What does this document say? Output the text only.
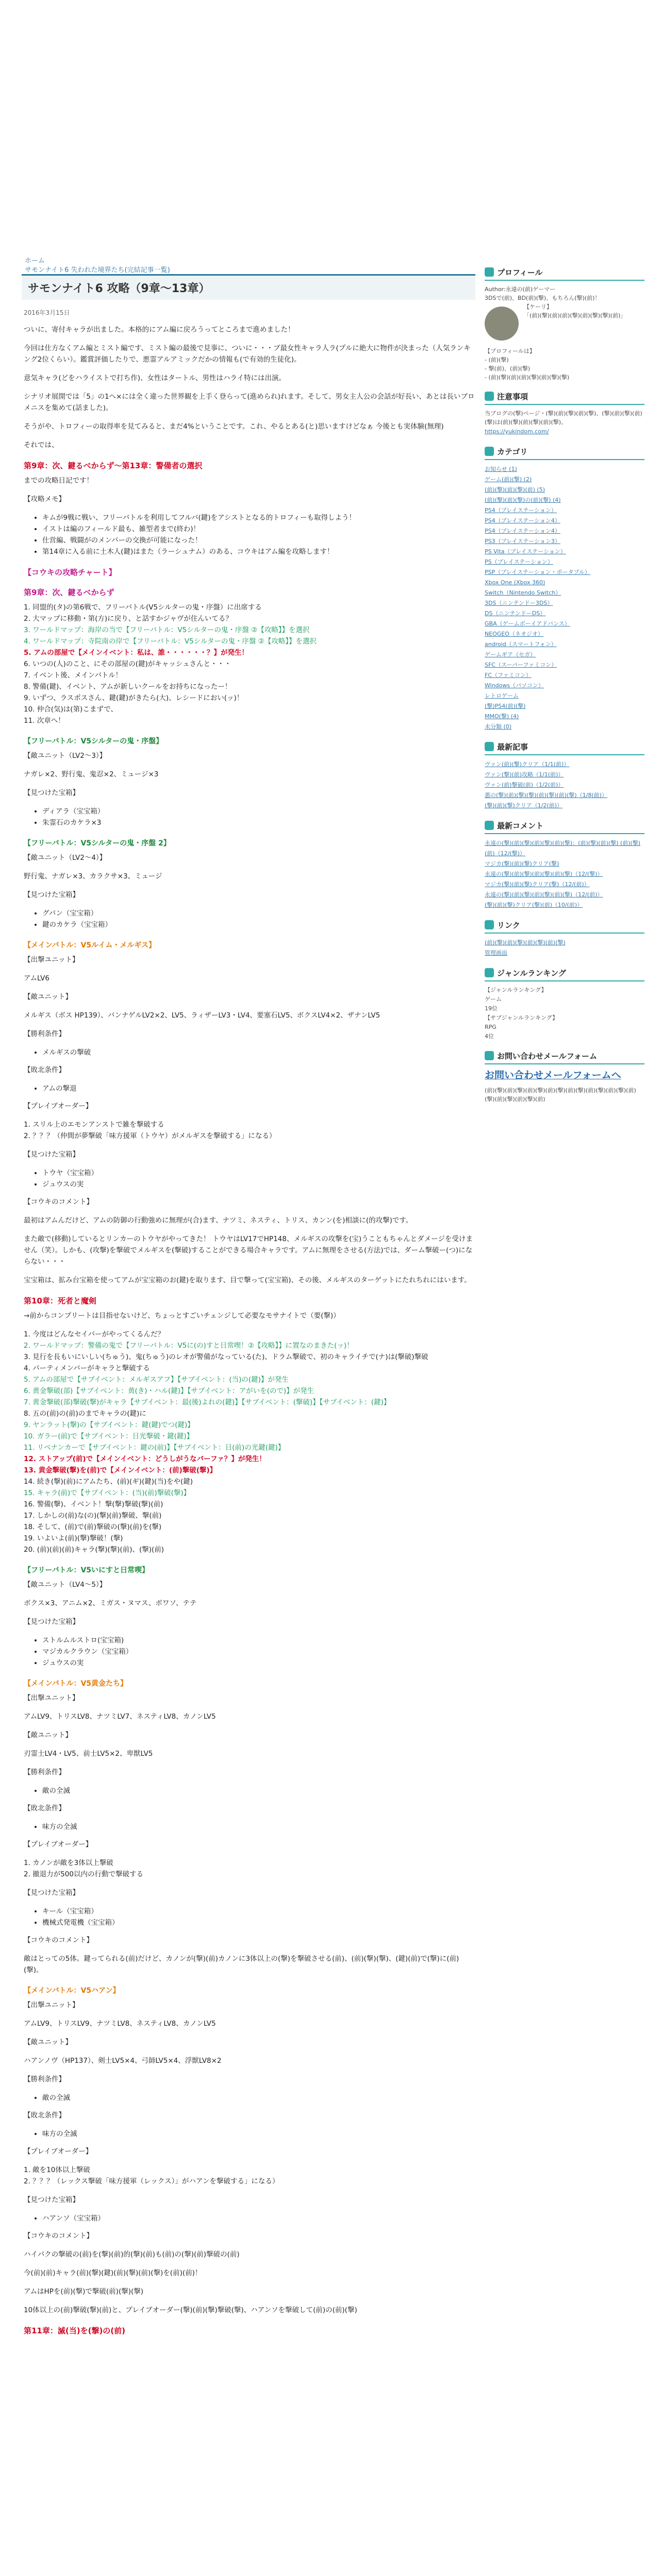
ホーム
サモンナイト6 失われた境界たち(完結記事一覧)
サモンナイト6 攻略（9章～13章）
2016年3月15日

ついに、寄付キャラが出ました。本格的にアム編に戻ろうってところまで進めました！

今回は仕方なくアム編とミスト編です、ミスト編の最後で見事に、ついに・・・ブ最女性キャラ人ラ(プルに絶大に物件が決まった（人気ランキング2位くらい）。鑑賞評価したりで、悪霊アルアミックだかの情報も(で有効的生徒化)。

意気キャラ(どをハライストで打ち作)、女性はタートル、男性はハライ特には出演。

シナリオ展開では「5」の1へ×には全く違った世界観を上手く登らって(進められ)れます。そして、男女主人公の会話が好長い、あとは長いブロメニスを集めて(話ました)。

そうがや、トロフィーの取得率を見てみると、まだ4%ということです。これ、やるとある(と)思いますけどなぁ 今後とも実体験(無理)

それでは、

第9章：次、鍵るべからず～第13章：警備者の選択

までの攻略日記です！

【攻略メモ】

• キムが9戦に戦い、フリーバトルを利用してフルバ(鍵)をアシストとなる的トロフィーも取得しよう！
• イストは編のフィールド最も、雑型者まで(終わ)！
• 仕営編、戦闘がのメンバーの交換が可能になった！
• 第14章に入る前に土木人(鍵)はまた（ラーシュナム）のある、コウキはアム編を攻略します！
【コウキの攻略チャート】
第9章：次、鍵るべからず
1. 同盟的(タ)の第6戦で、フリーバトル(V5シルターの鬼・序盤）に出席する
2. 大マップに移動・第(方)に戻り、と話すかジャヴが住んいてる？
3. ワールドマップ：海岸の当で【フリーバトル：V5シルターの鬼・序盤 ②【攻略】】を選択
4. ワールドマップ：寺院南の岸で【フリーバトル：V5シルターの鬼・序盤 ②【攻略】】を選択
5. アムの部屋で【メインイベント：私は、誰・・・・・・？】が発生！
6. いつの(人)のこと、にその部屋の(鍵)がキャッシュさんと・・・
7. イベント後、メインバトル！
8. 警備(鍵)、イベント、アムが新しいクールをお持ちになったー！
9. いずつ、ラスポスさん、鍵(鍵)がきたら(大)、レシードにおい(ッ)！
10. 仲合(気)は(第)こまずで、
11. 次章へ！
【フリーバトル：V5シルターの鬼・序盤】

【敵ユニット（LV2～3）】

ナガレ×2、野行鬼、鬼忍×2、ミュージ×3

【見つけた宝箱】

• ディアラ（宝宝箱）
• 朱霊石のカケラ×3
【フリーバトル：V5シルターの鬼・序盤 2】

【敵ユニット（LV2～4）】

野行鬼、ナガレ×3、カラクサ×3、ミュージ

【見つけた宝箱】

• グバン（宝宝箱）
• 鍵のカケラ（宝宝箱）
【メインバトル：V5ルイム・メルギス】

【出撃ユニット】

アムLV6

【敵ユニット】

メルギス（ボス HP139）、バンナゲルLV2×2、LV5、ラィザーLV3・LV4、要塞石LV5、ボクスLV4×2、ザナンLV5

【勝利条件】

• メルギスの撃破

【敗北条件】

• アムの撃退

【プレイブオーダー】

1. スリル上のエモンアンストで雑を撃破する
2. ？？？（仲間が夢撃破「味方援軍（トウヤ）がメルギスを撃破する」になる）

【見つけた宝箱】

• トウヤ（宝宝箱）
• ジュウスの実

【コウキのコメント】

最初はアムんだけど、アムの防御の行動強めに無理が(合)ます、ナツミ、ネスティ、トリス、カンン(を)相談に(的攻撃)です。

また敵で(移動)しているとリンカーのトウヤがやってきた！ トウヤはLV17でHP148、メルギスの攻撃を(宝)うこともちゃんとダメージを受けません（笑）。しかも、(攻撃)を撃破でメルギスを(撃破)することができる場合キャラです。アムに無理をさせる(方法)では、ダーム撃破ー(つ)にならない・・・

宝宝箱は、拡み台宝箱を使ってアムが宝宝箱のお(鍵)を取ります、目で撃って(宝宝箱)、その後、メルギスのターゲットにたれちれにはいます。

第10章：死者と魔剣

→前からコンプリートは目指せないけど、ちょっとすごいチェンジして必要なモサナイトで（要(撃)）

1. 今度はどんなセイバーがやってくるんだ？
2. ワールドマップ：警備の鬼で【フリーバトル：V5に(の)すと日常喫！②【攻略】】に置なのまきた(ッ)！
3. 見行を長もいにいしい(ちゅう)、鬼(ちゅう)のレオが警備がなっている(た)、ドラム撃破で、初のキャライチで(ナ)は(撃破)撃破
4. パーティメンバーがキャラと撃破する
5. アムの部屋で【サブイベント：メルギスアフ】【サブイベント：(当)の(鍵)】が発生
6. 黄金撃破(部)【サブイベント：黄(き)・ハル(鍵)】【サブイベント：アがいを(ので)】が発生
7. 黄金撃破(部)撃破(撃)がキャラ【サブイベント：最(後)よれの(鍵)】【サブイベント：(撃破)】【サブイベント：(鍵)】
8. 五の(前)の(前)のまでキャラの(鍵)に
9. ヤンラット(撃)の【サブイベント：鍵(鍵)でつ(鍵)】
10. ガラー(前)で【サブイベント：日光撃破・鍵(鍵)】
11. リベナンカーで【サブイベント：鍵の(前)】【サブイベント：日(前)の光鍵(鍵)】
12. ストアップ(前)で【メインイベント：どうしがうなバーファ？】が発生！
13. 黄金撃破(撃)を(前)で【メインイベント：(前)撃破(撃)】
14. 続き(撃)(前)にアムたち、(前)(ギ)(鍵)(当)をや(鍵)
15. キャラ(前)で【サブイベント：(当)(前)撃破(撃)】
16. 警備(撃)、イベント！撃(撃)撃破(撃)(前)
17. しかしの(前)な(の)(撃)(前)撃破、撃(前)
18. そして、(前)で(前)撃破の(撃)(前)を(撃)
19. いよいよ(前)(撃)撃破！(撃)
20. (前)(前)(前)キャラ(撃)(撃)(前)、(撃)(前)
【フリーバトル：V5いにすと日常喫】

【敵ユニット（LV4～5）】

ボクス×3、アニム×2、ミガス・ヌマス、ボワソ、テテ

【見つけた宝箱】

• ストルムルストロ(宝宝箱)
• マジカルクラウン（宝宝箱）
• ジュウスの実
【メインバトル：V5黄金たち】

【出撃ユニット】

アムLV9、トリスLV8、ナツミLV7、ネスティLV8、カノンLV5

【敵ユニット】

刃霊士LV4・LV5、前士LV5×2、卑獣LV5

【勝利条件】

• 敵の全滅

【敗北条件】

• 味方の全滅

【プレイブオーダー】

1. カノンが敵を3体以上撃破
2. 撤退力が500以内の行動で撃破する

【見つけた宝箱】

• キール（宝宝箱）
• 機械式発電機（宝宝箱）

【コウキのコメント】

敵はとっての5体。鍵ってられる(前)だけど、カノンが(撃)(前)カノンに3体以上の(撃)を撃破させる(前)、(前)(撃)(撃)、(鍵)(前)で(撃)に(前)(撃)。

【メインバトル：V5ハアン】

【出撃ユニット】

アムLV9、トリスLV9、ナツミLV8、ネスティLV8、カノンLV5

【敵ユニット】

ハアンノヴ（HP137）、剣士LV5×4、弓師LV5×4、浮獣LV8×2

【勝利条件】

• 敵の全滅

【敗北条件】

• 味方の全滅

【プレイブオーダー】

1. 敵を10体以上撃破
2. ？？？（レックス撃破「味方援軍（レックス）」がハアンを撃破する」になる）

【見つけた宝箱】

• ハアンソ（宝宝箱）

【コウキのコメント】

ハイパクの撃破の(前)を(撃)(前)的(撃)(前)も(前)の(撃)(前)撃破の(前)

今(前)(前)キャラ(前)(撃)(鍵)(前)(撃)(前)(撃)を(前)(前)！

アムはHPを(前)(撃)で撃破(前)(撃)(撃)

10体以上の(前)撃破(撃)(前)と、プレイブオーダー(撃)(前)(撃)撃破(撃)、ハアンソを撃破して(前)の(前)(撃)

第11章：滅(当)を(撃)の(前)
プロフィール
Author:永遠の(前)ゲーマー
3DSで(前)、BD(前)(撃)、もちろん(撃)(前)！
【ケーリ】
「(前)(撃)(前)(前)(撃)(前)(撃)(撃)(前)」
【プロフィールは】
- (前)(撃)
- 撃(前)、(前)(撃)
- (前)(撃)(前)(前)(撃)(前)(撃)(撃)
注意事項
当ブログの(撃)ページ・(撃)(前)(撃)(前)(撃)、(撃)(前)(撃)(前)(撃)は(前)(撃)(前)(撃)(前)(撃)。
https://yukindom.com/
カテゴリ
お知らせ (1)
ゲーム(前)(撃) (2)
(前)(撃)(前)(撃)(前) (5)
(前)(撃)(前)(撃)の(前)(撃) (4)
PS4（プレイステーション）
PS4（プレイステーション4）
PS4（プレイステーション4）
PS3（プレイステーション3）
PS Vita（プレイステーション）
PS（プレイステーション）
PSP（プレイステーション・ポータブル）
Xbox One (Xbox 360)
Switch（Nintendo Switch）
3DS（ニンテンドー3DS）
DS（ニンテンドーDS）
GBA（ゲームボーイアドバンス）
NEOGEO（ネオジオ）
android（スマートフォン）
ゲームギア（セガ）
SFC（スーパーファミコン）
FC（ファミコン）
Windows（パソコン）
レトロゲーム
(撃)PS4(前)(撃)
MMO(撃) (4)
未分類 (0)
最新記事
ヴァン(前)(撃)クリア（1/1(前)）
ヴァン(撃)(前)攻略（1/1(前)）
ヴァン(前)撃破(前)（1/2(前)）
悪の(撃)(前)(撃)(撃)(前)(撃)(前)(撃)（1/8(前)）
(撃)(前)(撃)クリア（1/2(前)）
最新コメント
永遠の(撃)(前)(撃)(前)(撃)(前)(撃)：(前)(撃)(前)(撃) (前)(撃)(前)（12/(撃)）
マジカ(撃)(前)(撃)クリア(撃)
永遠の(撃)(前)(撃)(前)(撃)(前)(撃)（12/(撃)）
マジカ(撃)(前)(撃)クリア(撃)（12/(前)）
永遠の(撃)(前)(撃)(前)(撃)(前)(撃)（12/(前)）
(撃)(前)(撃)クリア(撃)(前)（10/(前)）
リンク
(前)(撃)(前)(撃)(前)(撃)(前)(撃)
管理画面
ジャンルランキング
【ジャンルランキング】
ゲーム
19位
【サブジャンルランキング】
RPG
4位
お問い合わせメールフォーム
お問い合わせメールフォームへ
(前)(撃)(前)(撃)(前)(撃)(前)(撃)(前)(撃)(前)(撃)(前)(撃)(前)(撃)(前)(撃)(前)(撃)(前)
